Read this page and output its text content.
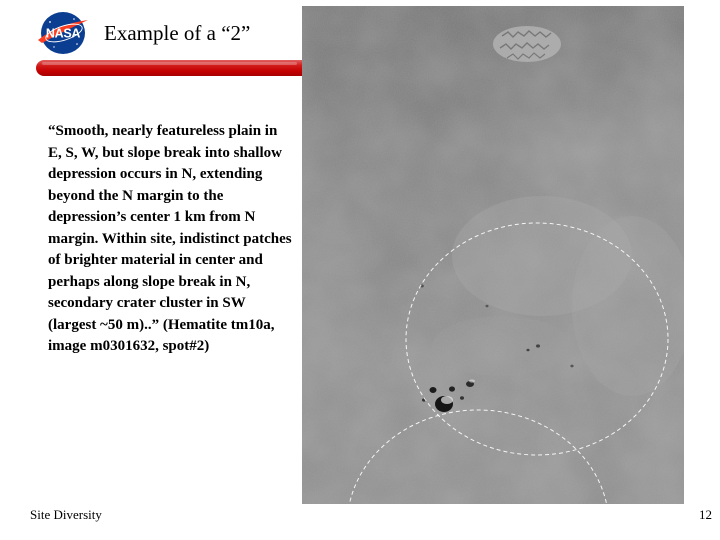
NASA Example of a “2”
“Smooth, nearly featureless plain in E, S, W, but slope break into shallow depression occurs in N, extending beyond the N margin to the depression’s center 1 km from N margin. Within site, indistinct patches of brighter material in center and perhaps along slope break in N, secondary crater cluster in SW (largest ~50 m)..” (Hematite tm10a, image m0301632, spot#2)
Site Diversity	12
